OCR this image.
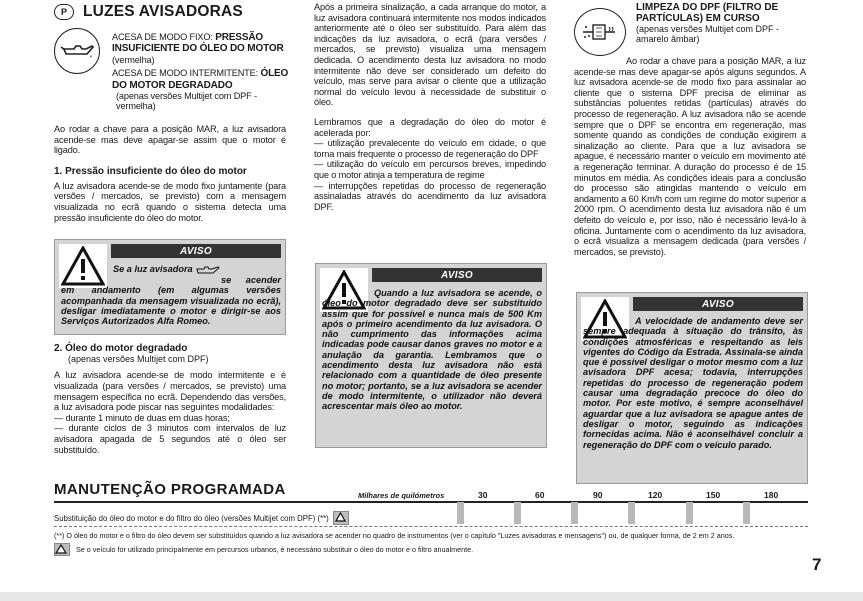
P	LUZES AVISADORAS

ACESA DE MODO FIXO: PRESSÃO INSUFICIENTE DO ÓLEO DO MOTOR (vermelha)

ACESA DE MODO INTERMITENTE: ÓLEO DO MOTOR DEGRADADO

(apenas versões Multijet com DPF - vermelha)

Ao rodar a chave para a posição MAR, a luz avisadora acende-se mas deve apagar-se assim que o motor é ligado.

1. Pressão insuficiente do óleo do motor

A luz avisadora acende-se de modo fixo juntamente (para versões / mercados, se previsto) com a mensagem visualizada no ecrã quando o sistema detecta uma pressão insuficiente do óleo do motor.

AVISO
Se a luz avisadora
se acender em andamento (em algumas versões acompanhada da mensagem visualizada no ecrã), desligar imediatamente o motor e dirigir-se aos Serviços Autorizados Alfa Romeo.

2. Óleo do motor degradado

(apenas versões Multijet com DPF)

A luz avisadora acende-se de modo intermitente e é visualizada (para versões / mercados, se previsto) uma mensagem específica no ecrã. Dependendo das versões, a luz avisadora pode piscar nas seguintes modalidades:

— durante 1 minuto de duas em duas horas;

— durante ciclos de 3 minutos com intervalos de luz avisadora apagada de 5 segundos até o óleo ser substituído.

Após a primeira sinalização, a cada arranque do motor, a luz avisadora continuará intermitente nos modos indicados anteriormente até o óleo ser substituído. Para além das indicações da luz avisadora, o ecrã (para versões / mercados, se previsto) visualiza uma mensagem dedicada. O acendimento desta luz avisadora no modo intermitente não deve ser considerado um defeito do veículo, mas serve para avisar o cliente que a utilização normal do veículo levou à necessidade de substituir o óleo.

Lembramos que a degradação do óleo do motor é acelerada por:

— utilização prevalecente do veículo em cidade, o que torna mais frequente o processo de regeneração do DPF

— utilização do veículo em percursos breves, impedindo que o motor atinja a temperatura de regime

— interrupções repetidas do processo de regeneração assinaladas através do acendimento da luz avisadora DPF.

AVISO
Quando a luz avisadora se acende, o óleo do motor degradado deve ser substituído assim que for possível e nunca mais de 500 Km após o primeiro acendimento da luz avisadora. O não cumprimento das informações acima indicadas pode causar danos graves no motor e a anulação da garantia. Lembramos que o acendimento desta luz avisadora não está relacionado com a quantidade de óleo presente no motor; portanto, se a luz avisadora se acender de modo intermitente, o utilizador não deverá acrescentar mais óleo ao motor.

LIMPEZA DO DPF (FILTRO DE PARTÍCULAS) EM CURSO

(apenas versões Multijet com DPF - amarelo âmbar)

Ao rodar a chave para a posição MAR, a luz acende-se mas deve apagar-se após alguns segundos. A luz avisadora acende-se de modo fixo para assinalar ao cliente que o sistema DPF precisa de eliminar as substâncias poluentes retidas (partículas) através do processo de regeneração. A luz avisadora não se acende sempre que o DPF se encontra em regeneração, mas somente quando as condições de condução exigirem a sinalização ao cliente. Para que a luz avisadora se apague, é necessário manter o veículo em movimento até a regeneração terminar. A duração do processo é de 15 minutos em média. As condições ideais para a conclusão do processo são atingidas mantendo o veículo em andamento a 60 Km/h com um regime do motor superior a 2000 rpm. O acendimento desta luz avisadora não é um defeito do veículo e, por isso, não é necessário levá-lo à oficina. Juntamente com o acendimento da luz avisadora, o ecrã visualiza a mensagem dedicada (para versões / mercados, se previsto).

AVISO
A velocidade de andamento deve ser sempre adequada à situação do trânsito, às condições atmosféricas e respeitando as leis vigentes do Código da Estrada. Assinala-se ainda que é possível desligar o motor mesmo com a luz avisadora DPF acesa; todavia, interrupções repetidas do processo de regeneração podem causar uma degradação precoce do óleo do motor. Por este motivo, é sempre aconselhável aguardar que a luz avisadora se apague antes de desligar o motor, seguindo as indicações fornecidas acima. Não é aconselhável concluir a regeneração do DPF com o veículo parado.
MANUTENÇÃO PROGRAMADA	Milhares de quilómetros	30	60	90	120	150	180
Substituição do óleo do motor e do filtro do óleo (versões Multijet com DPF) (**)
(**) O óleo do motor e o filtro do óleo devem ser substituídos quando a luz avisadora se acender no quadro de instrumentos (ver o capítulo "Luzes avisadoras e mensagens") ou, de qualquer forma, de 2 em 2 anos.
Se o veículo for utilizado principalmente em percursos urbanos, é necessário substituir o óleo do motor e o filtro anualmente.
7
